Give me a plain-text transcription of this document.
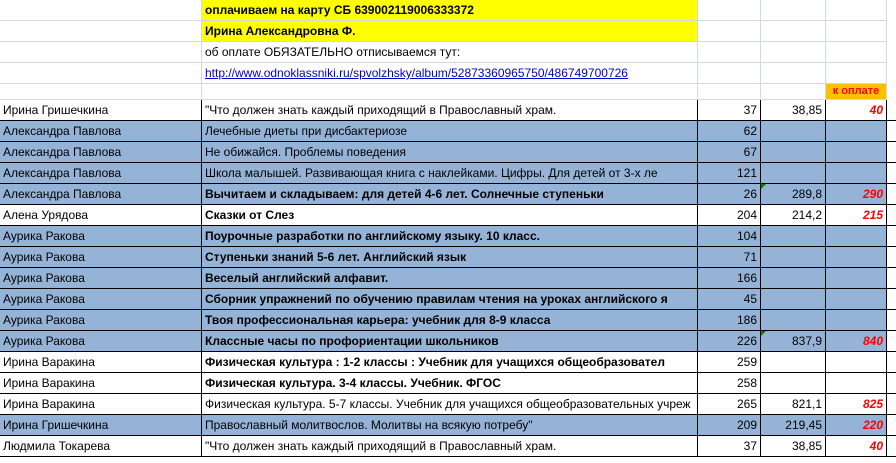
оплачиваем на карту СБ 639002119006333372
Ирина Александровна Ф.
об оплате ОБЯЗАТЕЛЬНО отписываемся тут:
http://www.odnoklassniki.ru/spvolzhsky/album/52873360965750/486749700726
к оплате
Ирина Гришечкина	"Что должен знать каждый приходящий в Православный храм.	37	38,85	40
Александра Павлова	Лечебные диеты при дисбактериозе	62
Александра Павлова	Не обижайся. Проблемы поведения	67
Александра Павлова	Школа малышей. Развивающая книга с наклейками. Цифры. Для детей от 3-х ле	121
Александра Павлова	Вычитаем и складываем: для детей 4-6 лет. Солнечные ступеньки	26	289,8	290
Алена Урядова	Сказки от Слез	204	214,2	215
Аурика Ракова	Поурочные разработки по английскому языку. 10 класс.	104
Аурика Ракова	Ступеньки знаний 5-6 лет. Английский язык	71
Аурика Ракова	Веселый английский алфавит.	166
Аурика Ракова	Сборник упражнений по обучению правилам чтения на уроках английского я	45
Аурика Ракова	Твоя профессиональная карьера: учебник для 8-9 класса	186
Аурика Ракова	Классные часы по профориентации школьников	226	837,9	840
Ирина Варакина	Физическая культура : 1-2 классы : Учебник для учащихся общеобразовател	259
Ирина Варакина	Физическая культура. 3-4 классы. Учебник. ФГОС	258
Ирина Варакина	Физическая культура. 5-7 классы. Учебник для учащихся общеобразовательных учреж	265	821,1	825
Ирина Гришечкина	Православный молитвослов. Молитвы на всякую потребу"	209	219,45	220
Людмила Токарева	"Что должен знать каждый приходящий в Православный храм.	37	38,85	40
